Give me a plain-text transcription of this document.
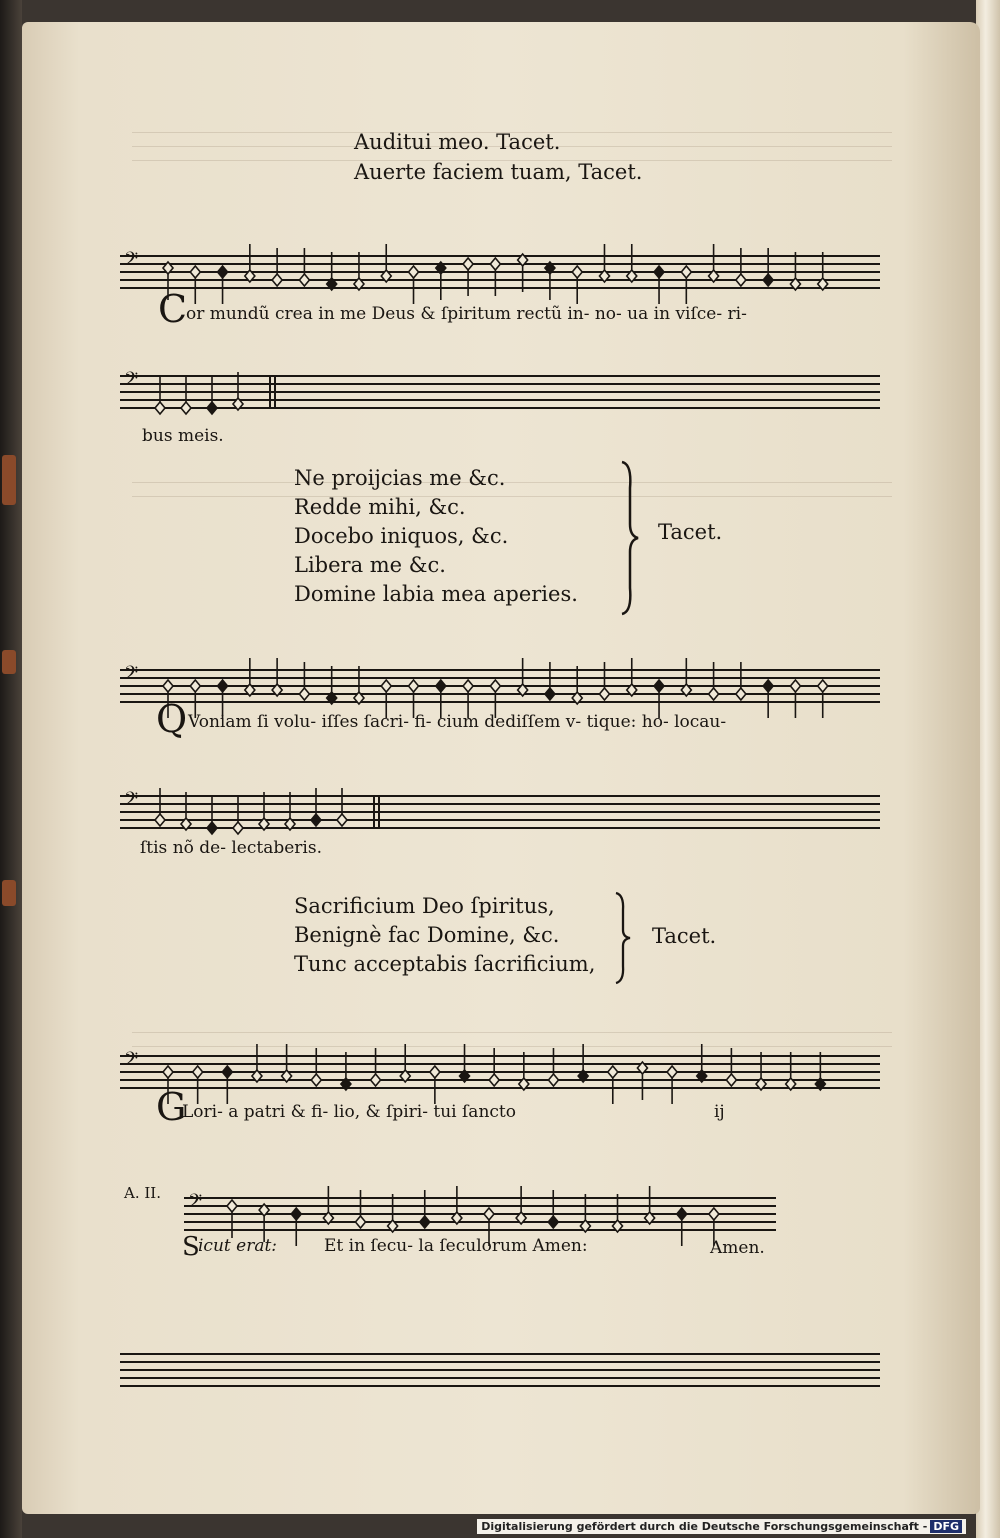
Auditui meo. Tacet.
Auerte faciem tuam, Tacet.
𝄢
C
or mundũ crea in me Deus & ſpiritum rectũ in- no- ua in viſce- ri-
𝄢
bus meis.
Ne proijcias me &c.
Redde mihi, &c.
Docebo iniquos, &c.
Libera me &c.
Domine labia mea aperies.
Tacet.
𝄢
Q Voniam ſi volu- iſſes ſacri- fi- cium dediſſem v- tique: ho- locau-
𝄢
ſtis nõ de- lectaberis.
Sacrificium Deo ſpiritus,
Benignè fac Domine, &c.
Tunc acceptabis ſacrificium,
Tacet.
𝄢
G
Lori- a patri & fi- lio, & ſpiri- tui ſancto	ij
A. II. 𝄢
S
icut erat:	Et in ſecu- la ſeculorum Amen:	Amen.
Digitalisierung gefördert durch die Deutsche Forschungsgemeinschaft - DFG
